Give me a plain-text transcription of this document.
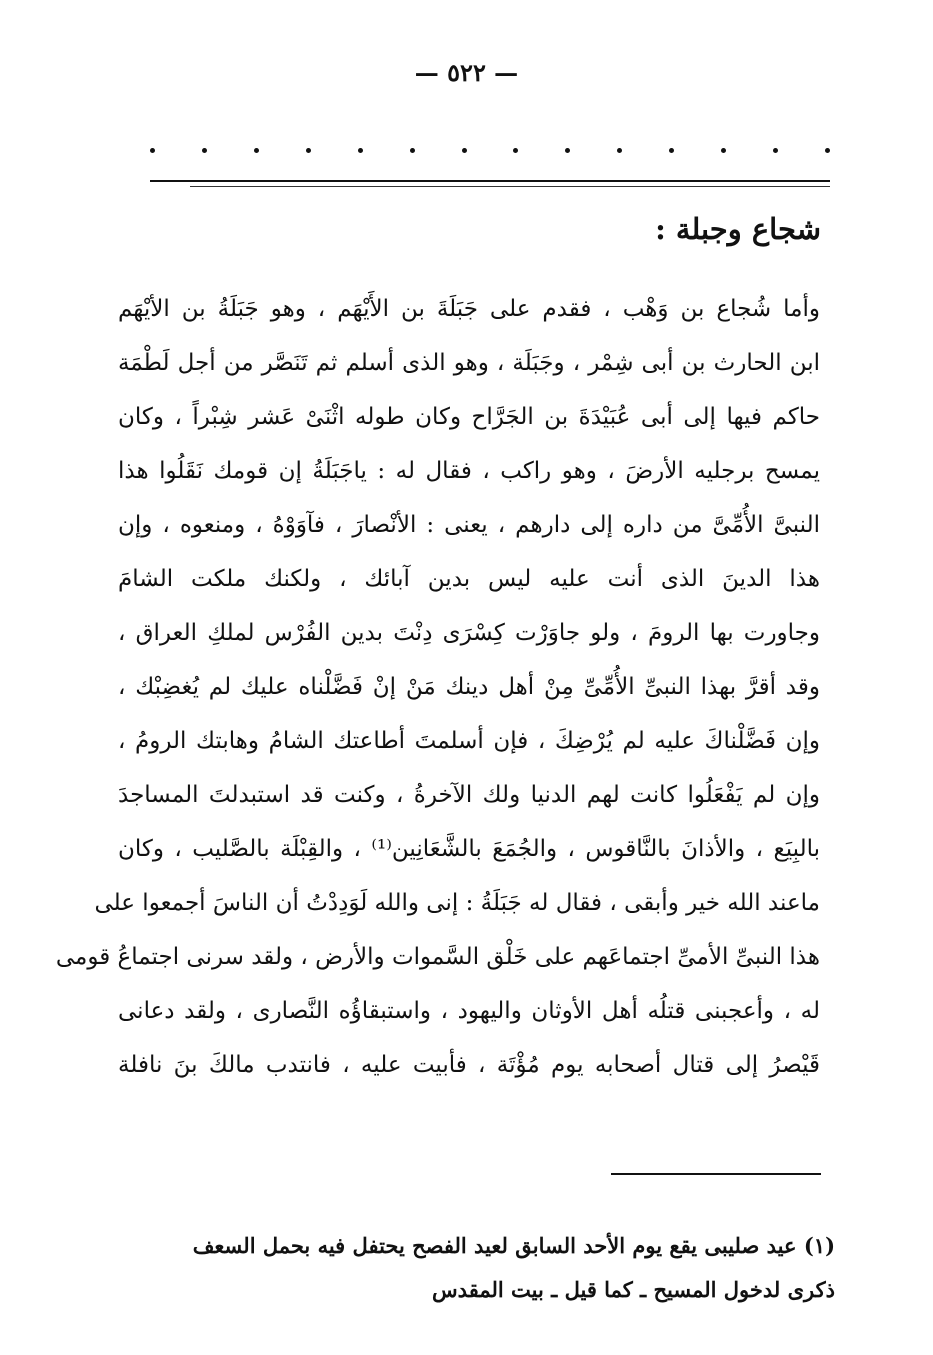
— ٥٢٢ —
شجاع وجبلة :
وأما شُجاع بن وَهْب ، فقدم على جَبَلَةَ بن الأَيْهَم ، وهو جَبَلَةُ بن الأيْهَم
ابن الحارث بن أبى شِمْر ، وجَبَلَة ، وهو الذى أسلم ثم تَنَصَّر من أجل لَطْمَة
حاكم فيها إلى أبى عُبَيْدَةَ بن الجَرَّاح وكان طوله اثْنَىْ عَشر شِبْراً ، وكان
يمسح برجليه الأرضَ ، وهو راكب ، فقال له : ياجَبَلَةُ إن قومك نَقَلُوا هذا
النبىَّ الأُمِّىَّ من داره إلى دارهم ، يعنى : الأنْصارَ ، فآوَوْهُ ، ومنعوه ، وإن
هذا الدينَ الذى أنت عليه ليس بدين آبائك ، ولكنك ملكت الشامَ
وجاورت بها الرومَ ، ولو جاوَرْت كِسْرَى دِنْتَ بدين الفُرْس لملكِ العراق ،
وقد أقرَّ بهذا النبىِّ الأُمِّىِّ مِنْ أهل دينك مَنْ إنْ فَضَّلْناه عليك لم يُغضِبْك ،
وإن فَضَّلْناكَ عليه لم يُرْضِكَ ، فإن أسلمتَ أطاعتك الشامُ وهابتك الرومُ ،
وإن لم يَفْعَلُوا كانت لهم الدنيا ولك الآخرةُ ، وكنت قد استبدلتَ المساجدَ
بالبِيَع ، والأذانَ بالنَّاقوس ، والجُمَعَ بالشَّعَانِين⁽¹⁾ ، والقِبْلَة بالصَّليب ، وكان
ماعند الله خير وأبقى ، فقال له جَبَلَةُ : إنى والله لَوَدِدْتُ أن الناسَ أجمعوا على
هذا النبىِّ الأمىِّ اجتماعَهم على خَلْق السَّموات والأرض ، ولقد سرنى اجتماعُ قومى
له ، وأعجبنى قتلُه أهل الأوثان واليهود ، واستبقاؤُه النَّصارى ، ولقد دعانى
قَيْصرُ إلى قتال أصحابه يوم مُؤْتَة ، فأبيت عليه ، فانتدب مالكَ بنَ نافلة
(١) عيد صليبى يقع يوم الأحد السابق لعيد الفصح يحتفل فيه بحمل السعف
ذكرى لدخول المسيح ـ كما قيل ـ بيت المقدس
